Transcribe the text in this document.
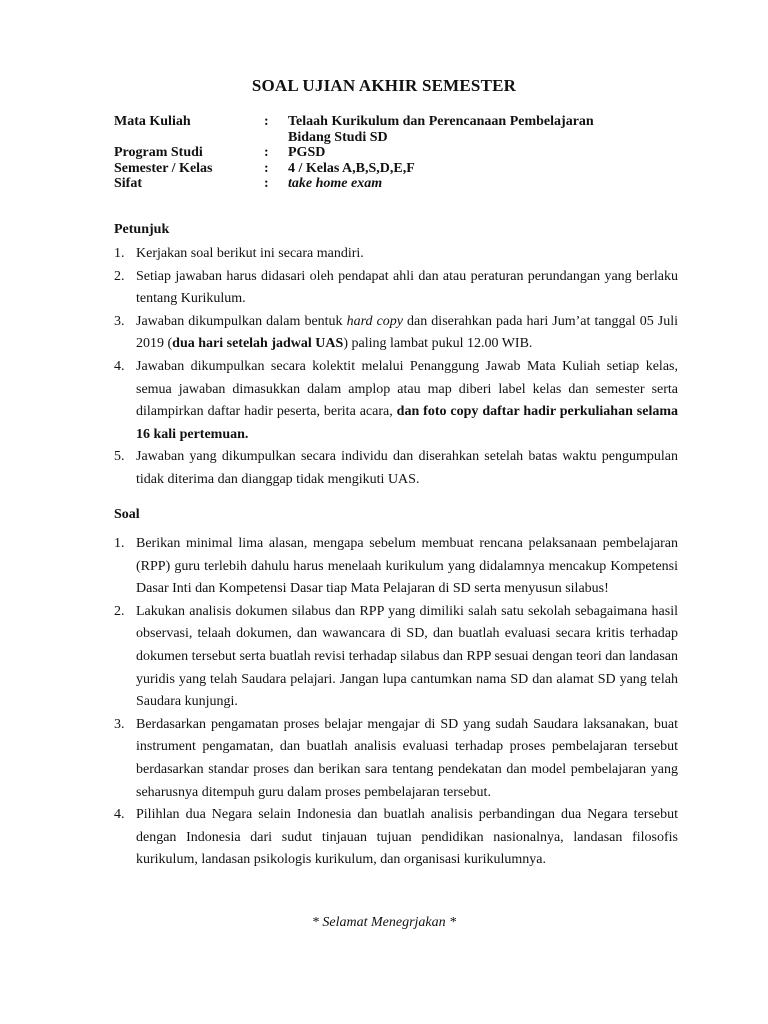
SOAL UJIAN AKHIR SEMESTER
Mata Kuliah	:	Telaah Kurikulum dan Perencanaan Pembelajaran
Bidang Studi SD
Program Studi	:	PGSD
Semester / Kelas	:	4 / Kelas A,B,S,D,E,F
Sifat	:	take home exam
Petunjuk
1. Kerjakan soal berikut ini secara mandiri.
2. Setiap jawaban harus didasari oleh pendapat ahli dan atau peraturan perundangan yang berlaku tentang Kurikulum.
3. Jawaban dikumpulkan dalam bentuk hard copy dan diserahkan pada hari Jum’at tanggal 05 Juli 2019 (dua hari setelah jadwal UAS) paling lambat pukul 12.00 WIB.
4. Jawaban dikumpulkan secara kolektit melalui Penanggung Jawab Mata Kuliah setiap kelas, semua jawaban dimasukkan dalam amplop atau map diberi label kelas dan semester serta dilampirkan daftar hadir peserta, berita acara, dan foto copy daftar hadir perkuliahan selama 16 kali pertemuan.
5. Jawaban yang dikumpulkan secara individu dan diserahkan setelah batas waktu pengumpulan tidak diterima dan dianggap tidak mengikuti UAS.
Soal
1. Berikan minimal lima alasan, mengapa sebelum membuat rencana pelaksanaan pembelajaran (RPP) guru terlebih dahulu harus menelaah kurikulum yang didalamnya mencakup Kompetensi Dasar Inti dan Kompetensi Dasar tiap Mata Pelajaran di SD serta menyusun silabus!
2. Lakukan analisis dokumen silabus dan RPP yang dimiliki salah satu sekolah sebagaimana hasil observasi, telaah dokumen, dan wawancara di SD, dan buatlah evaluasi secara kritis terhadap dokumen tersebut serta buatlah revisi terhadap silabus dan RPP sesuai dengan teori dan landasan yuridis yang telah Saudara pelajari. Jangan lupa cantumkan nama SD dan alamat SD yang telah Saudara kunjungi.
3. Berdasarkan pengamatan proses belajar mengajar di SD yang sudah Saudara laksanakan, buat instrument pengamatan, dan buatlah analisis evaluasi terhadap proses pembelajaran tersebut berdasarkan standar proses dan berikan sara tentang pendekatan dan model pembelajaran yang seharusnya ditempuh guru dalam proses pembelajaran tersebut.
4. Pilihlan dua Negara selain Indonesia dan buatlah analisis perbandingan dua Negara tersebut dengan Indonesia dari sudut tinjauan tujuan pendidikan nasionalnya, landasan filosofis kurikulum, landasan psikologis kurikulum, dan organisasi kurikulumnya.
* Selamat Menegrjakan *
